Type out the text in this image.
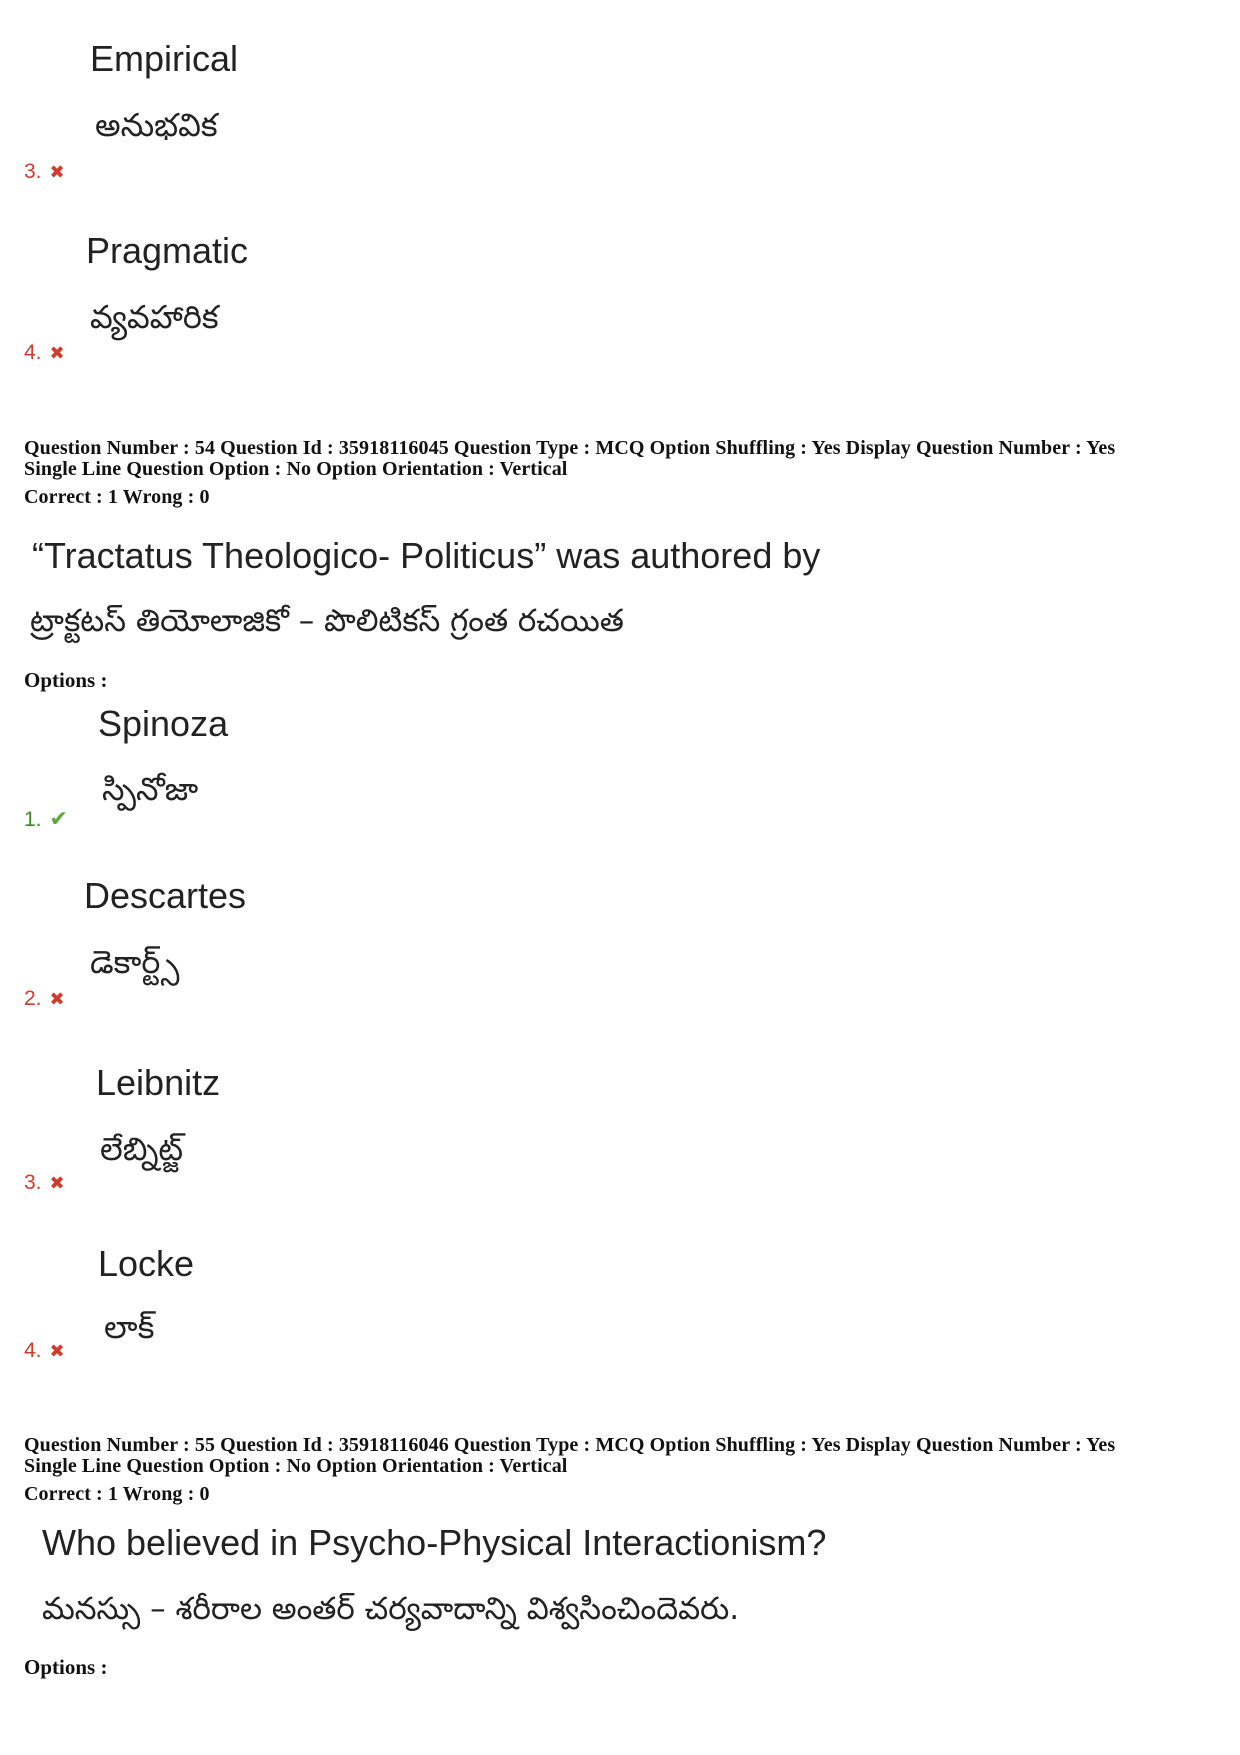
Empirical
అనుభవిక
3. ✖
Pragmatic
వ్యవహారిక
4. ✖
Question Number : 54 Question Id : 35918116045 Question Type : MCQ Option Shuffling : Yes Display Question Number : Yes
Single Line Question Option : No Option Orientation : Vertical
Correct : 1 Wrong : 0
“Tractatus Theologico- Politicus” was authored by
ట్రాక్టటస్ తియోలాజికో – పొలిటికస్ గ్రంత రచయిత
Options :
Spinoza
స్పినోజా
1. ✔
Descartes
డెకార్ట్స్
2. ✖
Leibnitz
లేబ్నిట్జ్
3. ✖
Locke
లాక్
4. ✖
Question Number : 55 Question Id : 35918116046 Question Type : MCQ Option Shuffling : Yes Display Question Number : Yes
Single Line Question Option : No Option Orientation : Vertical
Correct : 1 Wrong : 0
Who believed in Psycho-Physical Interactionism?
మనస్సు – శరీరాల అంతర్ చర్యవాదాన్ని విశ్వసించిందెవరు.
Options :
